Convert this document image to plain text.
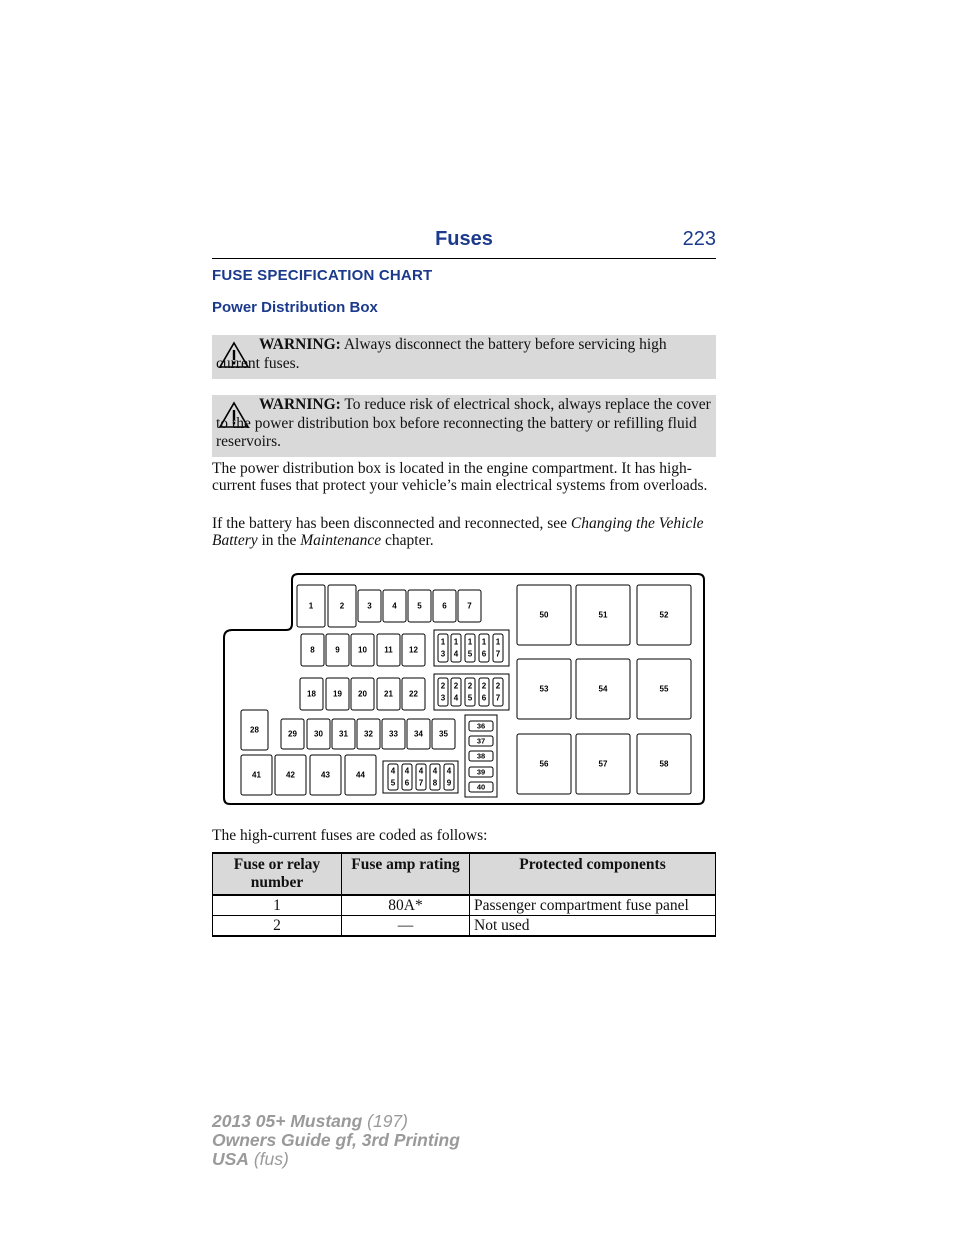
Fuses	223
FUSE SPECIFICATION CHART
Power Distribution Box
WARNING: Always disconnect the battery before servicing high current fuses.
WARNING: To reduce risk of electrical shock, always replace the cover to the power distribution box before reconnecting the battery or refilling fluid reservoirs.
The power distribution box is located in the engine compartment. It has high-current fuses that protect your vehicle’s main electrical systems from overloads.
If the battery has been disconnected and reconnected, see Changing the Vehicle Battery in the Maintenance chapter.
1	2	3	4	5	6	7
8	9 10 11 12
1
3
1
4
1
5
1
6
1
7
18 19 20 21 22
2
3
2
4
2
5
2
6
2
7
28	29 30 31 32 33 34 35
36
37
38
39
40
41	42	43	44	4
5
4
6
4
7
4
8
4
9
50	51	52
53	54	55
56	57	58
The high-current fuses are coded as follows:
Fuse or relay number	Fuse amp rating	Protected components
1	80A*	Passenger compartment fuse panel
2	—	Not used
2013 05+ Mustang (197)
Owners Guide gf, 3rd Printing
USA (fus)
